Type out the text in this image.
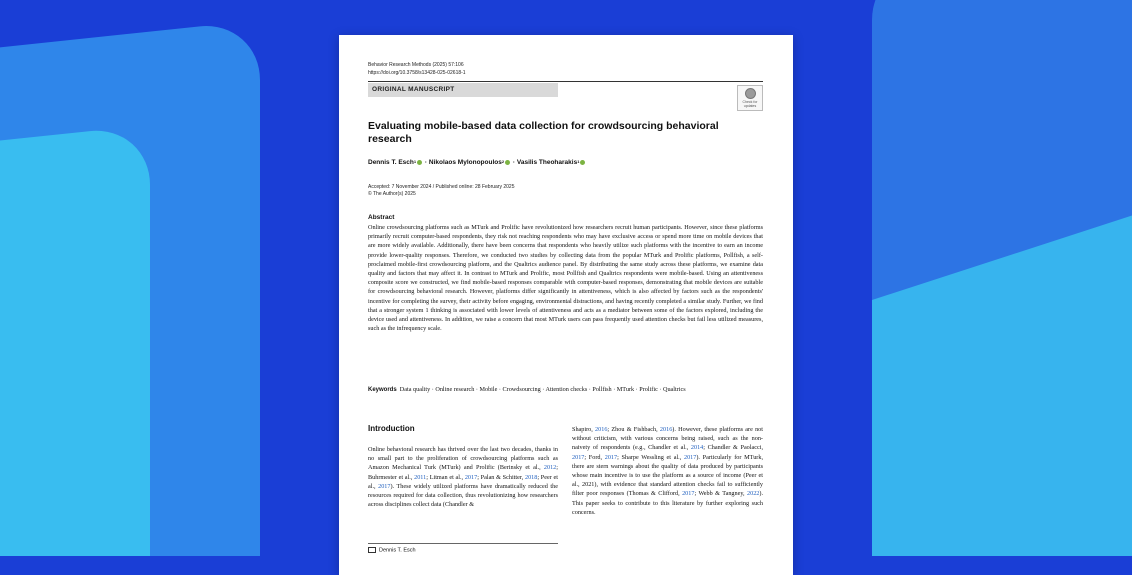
Behavior Research Methods (2025) 57:106
https://doi.org/10.3758/s13428-025-02618-1
ORIGINAL MANUSCRIPT
Check for
updates
Evaluating mobile-based data collection for crowdsourcing behavioral research
Dennis T. Esch$^1$ · Nikolaos Mylonopoulos$^2$ · Vasilis Theoharakis$^1$
Accepted: 7 November 2024 / Published online: 28 February 2025
© The Author(s) 2025
Abstract
Online crowdsourcing platforms such as MTurk and Prolific have revolutionized how researchers recruit human participants. However, since these platforms primarily recruit computer-based respondents, they risk not reaching respondents who may have exclusive access or spend more time on mobile devices that are more widely available. Additionally, there have been concerns that respondents who heavily utilize such platforms with the incentive to earn an income provide lower-quality responses. Therefore, we conducted two studies by collecting data from the popular MTurk and Prolific platforms, Pollfish, a self-proclaimed mobile-first crowdsourcing platform, and the Qualtrics audience panel. By distributing the same study across these platforms, we examine data quality and factors that may affect it. In contrast to MTurk and Prolific, most Pollfish and Qualtrics respondents were mobile-based. Using an attentiveness composite score we constructed, we find mobile-based responses comparable with computer-based responses, demonstrating that mobile devices are suitable for crowdsourcing behavioral research. However, platforms differ significantly in attentiveness, which is also affected by factors such as the respondents' incentive for completing the survey, their activity before engaging, environmental distractions, and having recently completed a similar study. Further, we find that a stronger system 1 thinking is associated with lower levels of attentiveness and acts as a mediator between some of the factors explored, including the device used and attentiveness. In addition, we raise a concern that most MTurk users can pass frequently used attention checks but fail less utilized measures, such as the infrequency scale.
Keywords Data quality · Online research · Mobile · Crowdsourcing · Attention checks · Pollfish · MTurk · Prolific · Qualtrics
Introduction
Online behavioral research has thrived over the last two decades, thanks in no small part to the proliferation of crowdsourcing platforms such as Amazon Mechanical Turk (MTurk) and Prolific (Berinsky et al., 2012; Buhrmester et al., 2011; Litman et al., 2017; Palan & Schitter, 2018; Peer et al., 2017). These widely utilized platforms have dramatically reduced the resources required for data collection, thus revolutionizing how researchers across disciplines collect data (Chandler &
Shapiro, 2016; Zhou & Fishbach, 2016). However, these platforms are not without criticism, with various concerns being raised, such as the non-naivety of respondents (e.g., Chandler et al., 2014; Chandler & Paolacci, 2017; Ford, 2017; Sharpe Wessling et al., 2017). Particularly for MTurk, there are stern warnings about the quality of data produced by participants whose main incentive is to use the platform as a source of income (Peer et al., 2021), with evidence that standard attention checks fail to sufficiently filter poor responses (Thomas & Clifford, 2017; Webb & Tangney, 2022). This paper seeks to contribute to this literature by further exploring such concerns.
Dennis T. Esch
